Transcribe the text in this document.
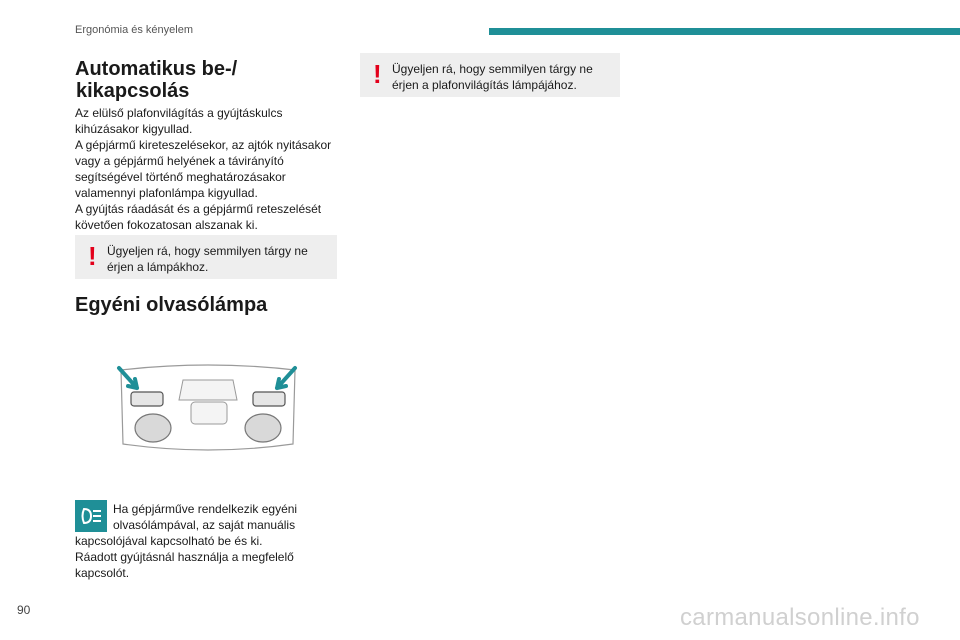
Ergonómia és kényelem
Automatikus be-/
kikapcsolás

Az elülső plafonvilágítás a gyújtáskulcs
kihúzásakor kigyullad.
A gépjármű kireteszelésekor, az ajtók nyitásakor
vagy a gépjármű helyének a távirányító
segítségével történő meghatározásakor
valamennyi plafonlámpa kigyullad.
A gyújtás ráadását és a gépjármű reteszelését
követően fokozatosan alszanak ki.

! Ügyeljen rá, hogy semmilyen tárgy ne
érjen a lámpákhoz.
Egyéni olvasólámpa

Ha gépjárműve rendelkezik egyéni
olvasólámpával, az saját manuális
kapcsolójával kapcsolható be és ki.
Ráadott gyújtásnál használja a megfelelő
kapcsolót.

! Ügyeljen rá, hogy semmilyen tárgy ne
érjen a plafonvilágítás lámpájához.
90	carmanualsonline.info
